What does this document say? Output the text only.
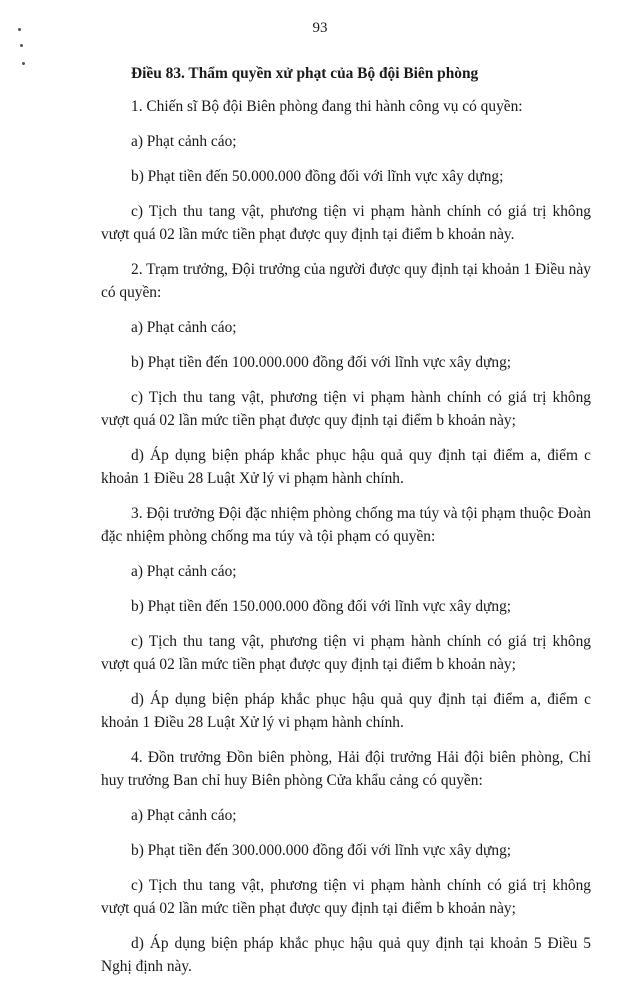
93
Điều 83. Thẩm quyền xử phạt của Bộ đội Biên phòng

1. Chiến sĩ Bộ đội Biên phòng đang thi hành công vụ có quyền:

a) Phạt cảnh cáo;

b) Phạt tiền đến 50.000.000 đồng đối với lĩnh vực xây dựng;

c) Tịch thu tang vật, phương tiện vi phạm hành chính có giá trị không vượt quá 02 lần mức tiền phạt được quy định tại điểm b khoản này.

2. Trạm trưởng, Đội trưởng của người được quy định tại khoản 1 Điều này có quyền:

a) Phạt cảnh cáo;

b) Phạt tiền đến 100.000.000 đồng đối với lĩnh vực xây dựng;

c) Tịch thu tang vật, phương tiện vi phạm hành chính có giá trị không vượt quá 02 lần mức tiền phạt được quy định tại điểm b khoản này;

d) Áp dụng biện pháp khắc phục hậu quả quy định tại điểm a, điểm c khoản 1 Điều 28 Luật Xử lý vi phạm hành chính.

3. Đội trưởng Đội đặc nhiệm phòng chống ma túy và tội phạm thuộc Đoàn đặc nhiệm phòng chống ma túy và tội phạm có quyền:

a) Phạt cảnh cáo;

b) Phạt tiền đến 150.000.000 đồng đối với lĩnh vực xây dựng;

c) Tịch thu tang vật, phương tiện vi phạm hành chính có giá trị không vượt quá 02 lần mức tiền phạt được quy định tại điểm b khoản này;

d) Áp dụng biện pháp khắc phục hậu quả quy định tại điểm a, điểm c khoản 1 Điều 28 Luật Xử lý vi phạm hành chính.

4. Đồn trưởng Đồn biên phòng, Hải đội trưởng Hải đội biên phòng, Chỉ huy trưởng Ban chỉ huy Biên phòng Cửa khẩu cảng có quyền:

a) Phạt cảnh cáo;

b) Phạt tiền đến 300.000.000 đồng đối với lĩnh vực xây dựng;

c) Tịch thu tang vật, phương tiện vi phạm hành chính có giá trị không vượt quá 02 lần mức tiền phạt được quy định tại điểm b khoản này;

d) Áp dụng biện pháp khắc phục hậu quả quy định tại khoản 5 Điều 5 Nghị định này.
